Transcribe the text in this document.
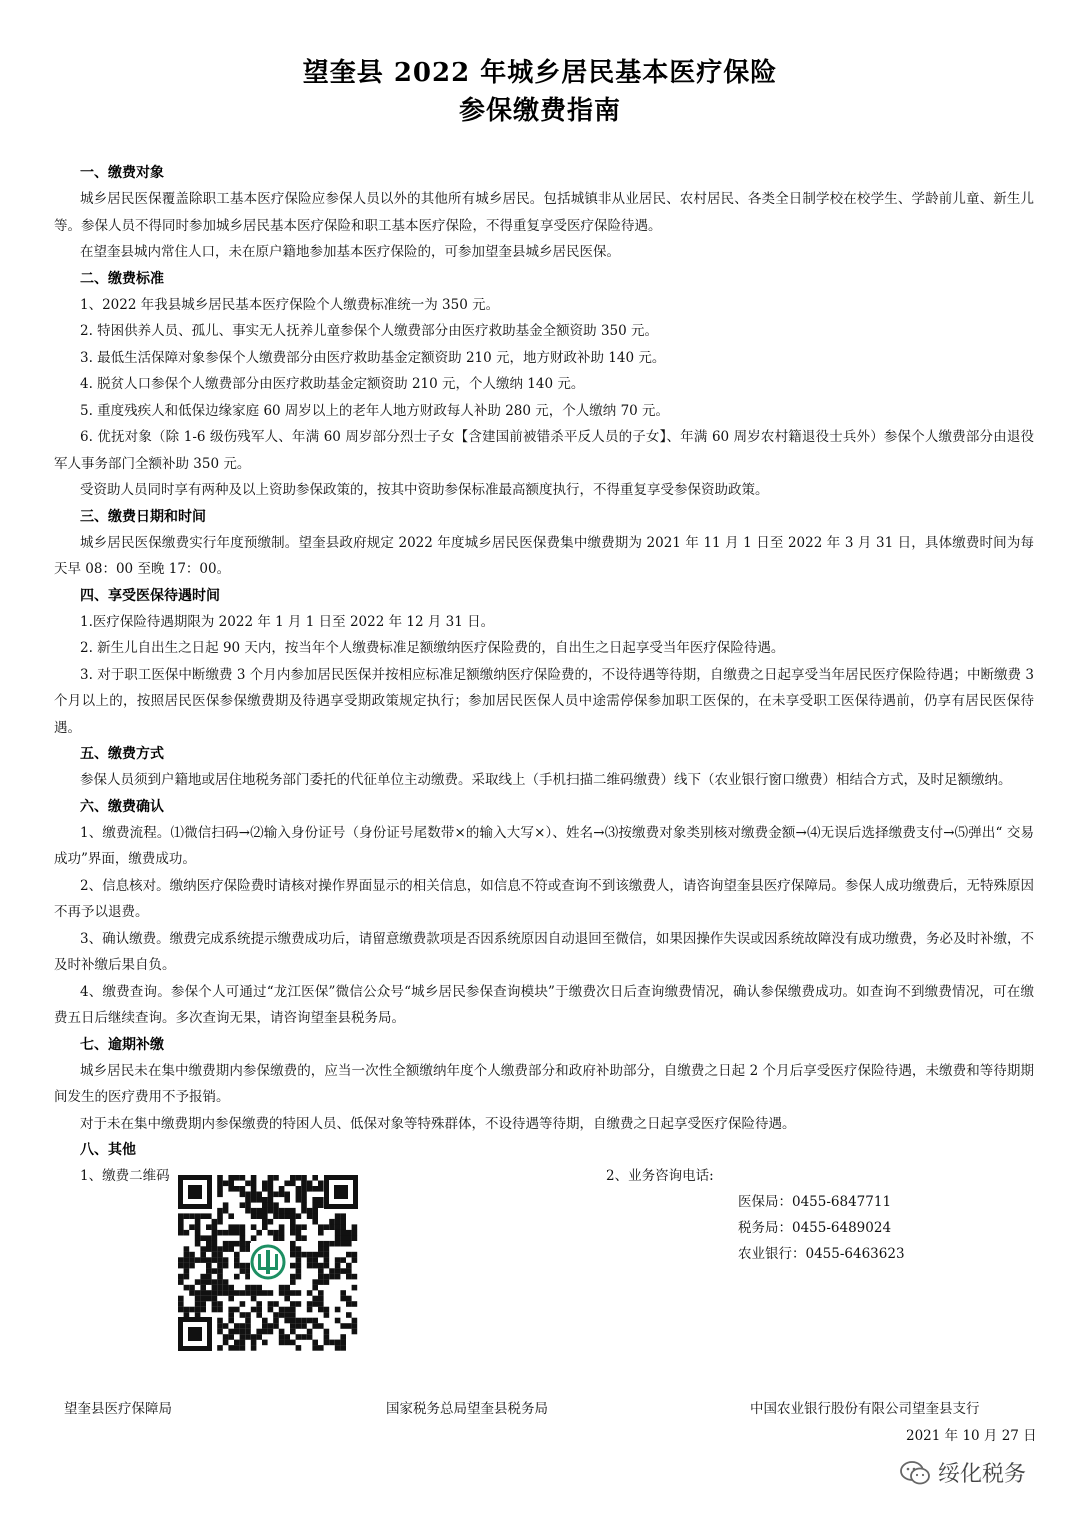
望奎县 2022 年城乡居民基本医疗保险
参保缴费指南
一、缴费对象

城乡居民医保覆盖除职工基本医疗保险应参保人员以外的其他所有城乡居民。包括城镇非从业居民、农村居民、各类全日制学校在校学生、学龄前儿童、新生儿等。参保人员不得同时参加城乡居民基本医疗保险和职工基本医疗保险，不得重复享受医疗保险待遇。

在望奎县城内常住人口，未在原户籍地参加基本医疗保险的，可参加望奎县城乡居民医保。

二、缴费标准

1、2022 年我县城乡居民基本医疗保险个人缴费标准统一为 350 元。

2. 特困供养人员、孤儿、事实无人抚养儿童参保个人缴费部分由医疗救助基金全额资助 350 元。

3. 最低生活保障对象参保个人缴费部分由医疗救助基金定额资助 210 元，地方财政补助 140 元。

4. 脱贫人口参保个人缴费部分由医疗救助基金定额资助 210 元，个人缴纳 140 元。

5. 重度残疾人和低保边缘家庭 60 周岁以上的老年人地方财政每人补助 280 元，个人缴纳 70 元。

6. 优抚对象（除 1-6 级伤残军人、年满 60 周岁部分烈士子女【含建国前被错杀平反人员的子女】、年满 60 周岁农村籍退役士兵外）参保个人缴费部分由退役军人事务部门全额补助 350 元。

受资助人员同时享有两种及以上资助参保政策的，按其中资助参保标准最高额度执行，不得重复享受参保资助政策。

三、缴费日期和时间

城乡居民医保缴费实行年度预缴制。望奎县政府规定 2022 年度城乡居民医保费集中缴费期为 2021 年 11 月 1 日至 2022 年 3 月 31 日，具体缴费时间为每天早 08：00 至晚 17：00。

四、享受医保待遇时间

1.医疗保险待遇期限为 2022 年 1 月 1 日至 2022 年 12 月 31 日。

2. 新生儿自出生之日起 90 天内，按当年个人缴费标准足额缴纳医疗保险费的，自出生之日起享受当年医疗保险待遇。

3. 对于职工医保中断缴费 3 个月内参加居民医保并按相应标准足额缴纳医疗保险费的，不设待遇等待期，自缴费之日起享受当年居民医疗保险待遇；中断缴费 3 个月以上的，按照居民医保参保缴费期及待遇享受期政策规定执行；参加居民医保人员中途需停保参加职工医保的，在未享受职工医保待遇前，仍享有居民医保待遇。

五、缴费方式

参保人员须到户籍地或居住地税务部门委托的代征单位主动缴费。采取线上（手机扫描二维码缴费）线下（农业银行窗口缴费）相结合方式，及时足额缴纳。

六、缴费确认

1、缴费流程。⑴微信扫码→⑵输入身份证号（身份证号尾数带×的输入大写×）、姓名→⑶按缴费对象类别核对缴费金额→⑷无误后选择缴费支付→⑸弹出“ 交易成功”界面，缴费成功。

2、信息核对。缴纳医疗保险费时请核对操作界面显示的相关信息，如信息不符或查询不到该缴费人，请咨询望奎县医疗保障局。参保人成功缴费后，无特殊原因不再予以退费。

3、确认缴费。缴费完成系统提示缴费成功后，请留意缴费款项是否因系统原因自动退回至微信，如果因操作失误或因系统故障没有成功缴费，务必及时补缴，不及时补缴后果自负。

4、缴费查询。参保个人可通过“龙江医保”微信公众号“城乡居民参保查询模块”于缴费次日后查询缴费情况，确认参保缴费成功。如查询不到缴费情况，可在缴费五日后继续查询。多次查询无果，请咨询望奎县税务局。

七、逾期补缴

城乡居民未在集中缴费期内参保缴费的，应当一次性全额缴纳年度个人缴费部分和政府补助部分，自缴费之日起 2 个月后享受医疗保险待遇，未缴费和等待期期间发生的医疗费用不予报销。

对于未在集中缴费期内参保缴费的特困人员、低保对象等特殊群体，不设待遇等待期，自缴费之日起享受医疗保险待遇。

八、其他
1、缴费二维码	2、业务咨询电话:
医保局：0455-6847711
税务局：0455-6489024
农业银行：0455-6463623
望奎县医疗保障局	国家税务总局望奎县税务局	中国农业银行股份有限公司望奎县支行
2021 年 10 月 27 日
绥化税务
